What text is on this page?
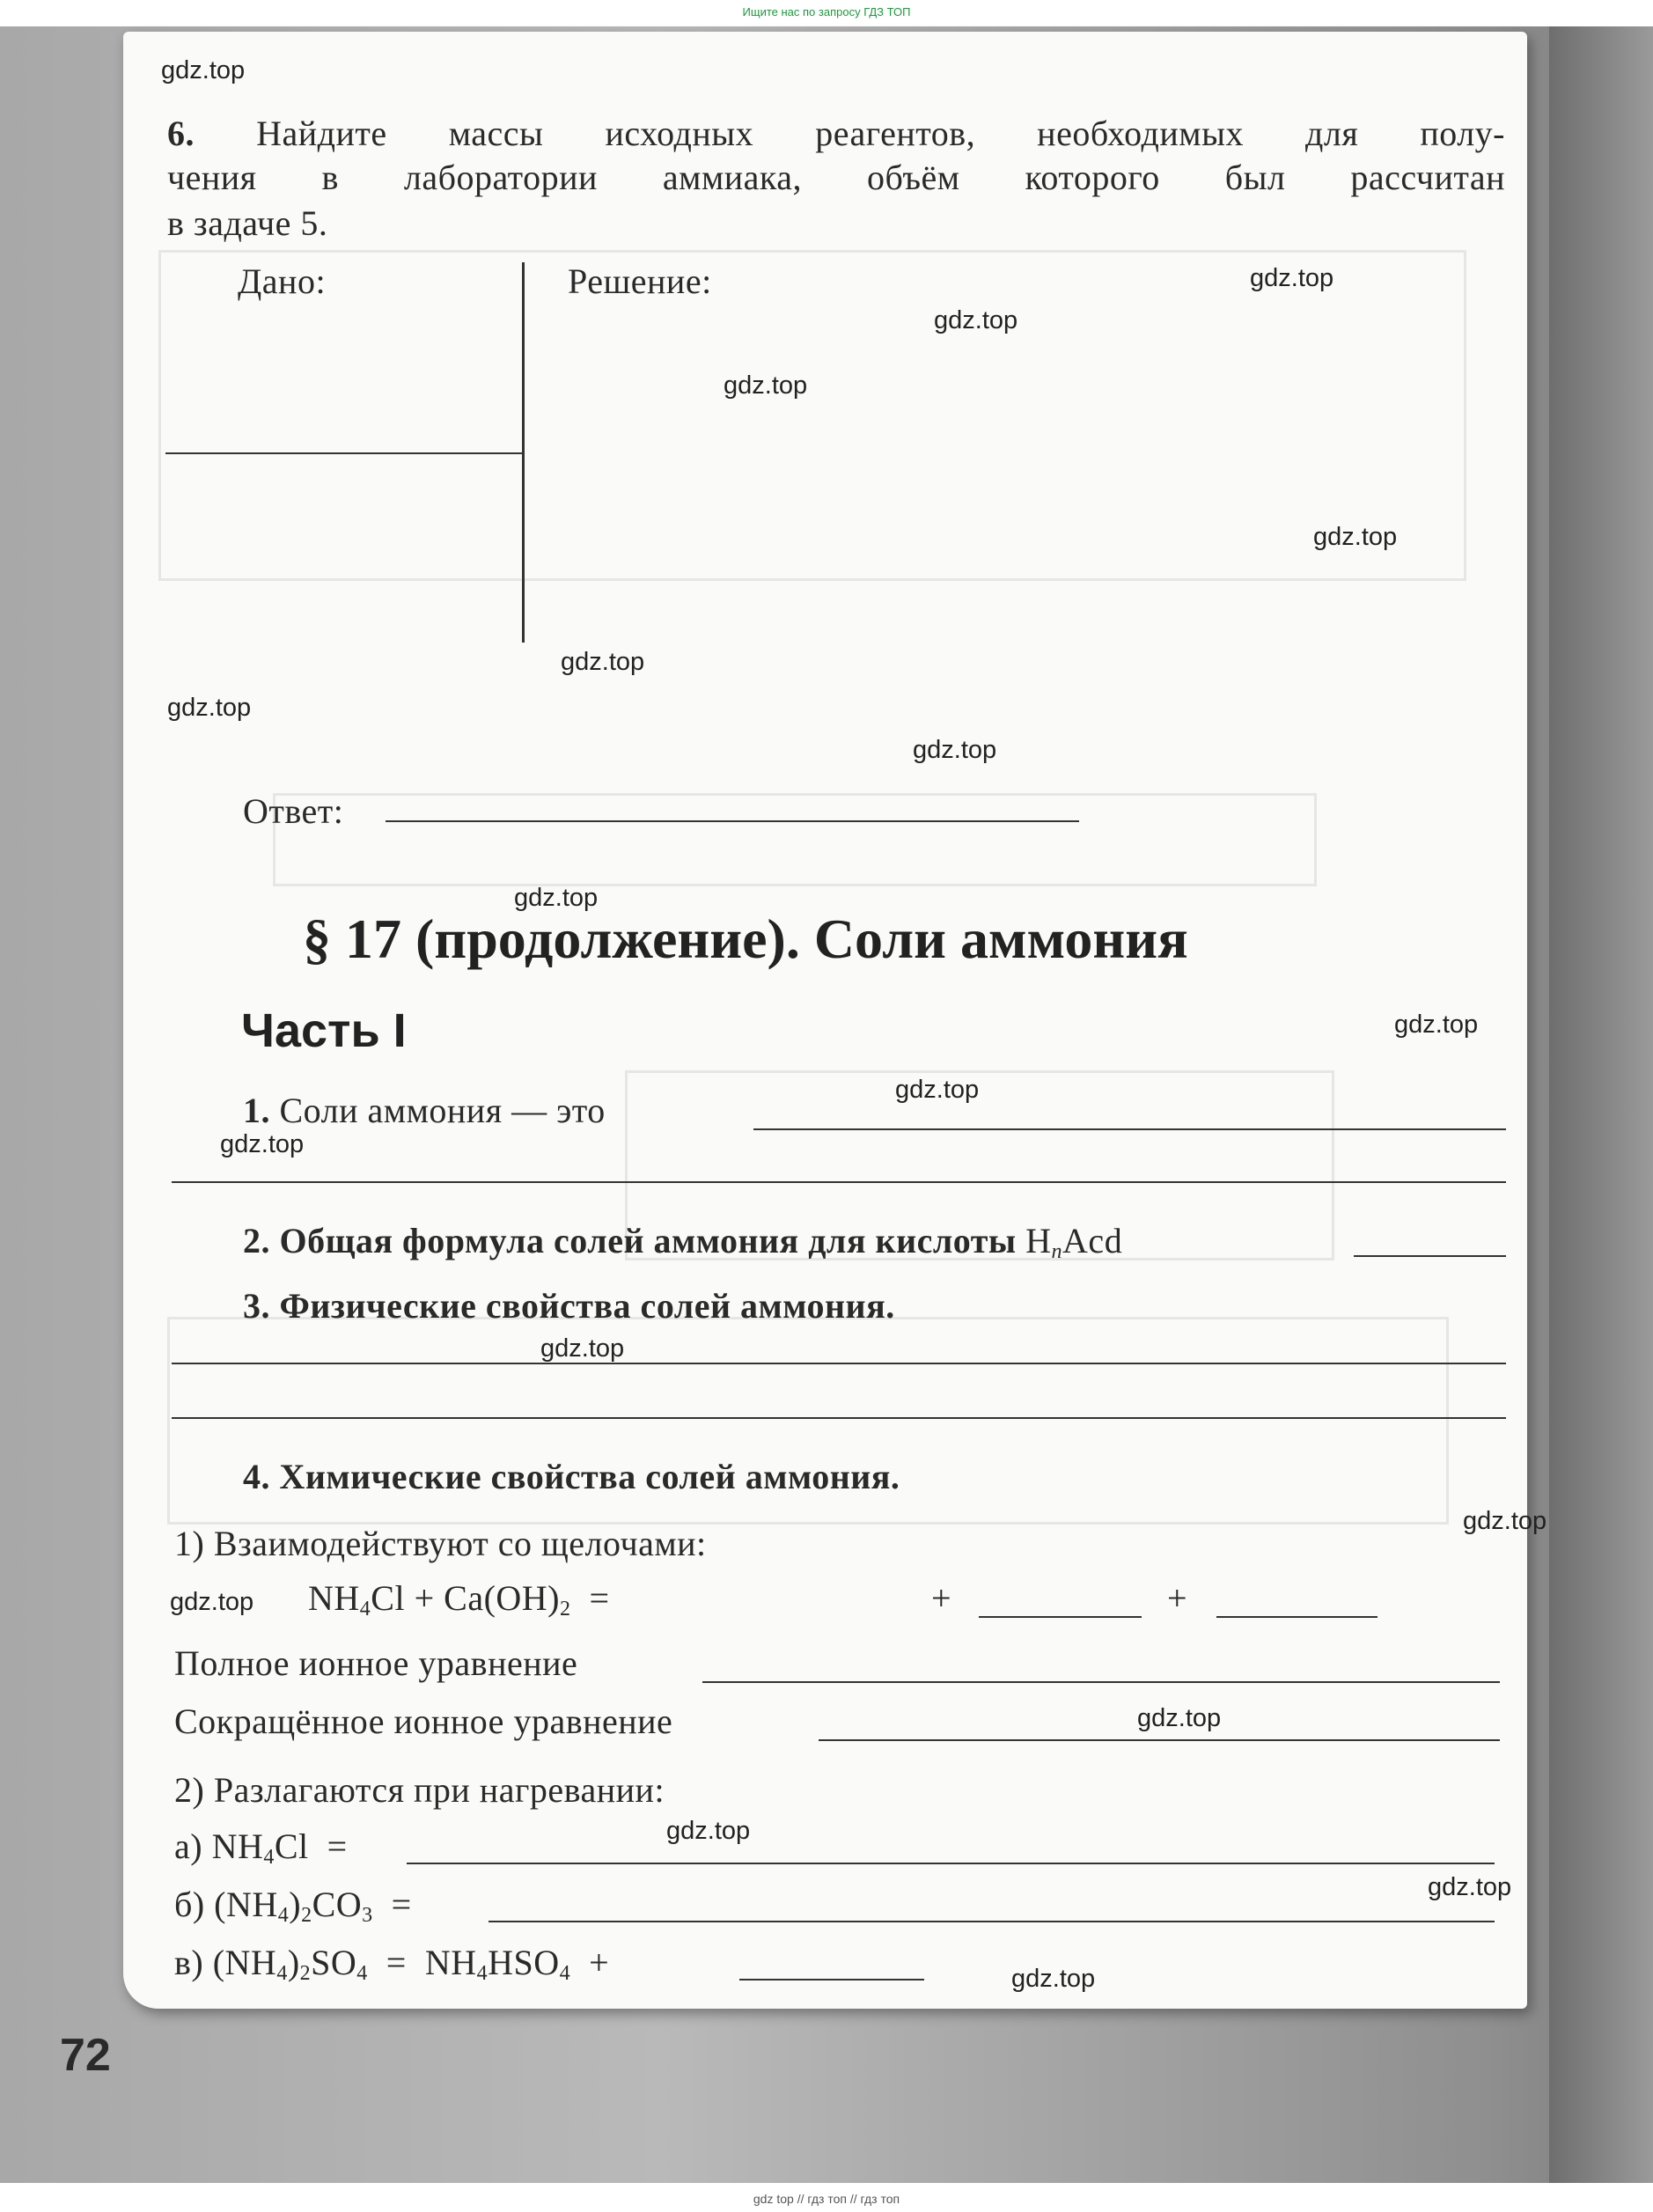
Ищите нас по запросу ГДЗ ТОП
6. Найдите массы исходных реагентов, необходимых для полу-
чения в лаборатории аммиака, объём которого был рассчитан
в задаче 5.
Дано:	Решение:
Ответ:
§ 17 (продолжение). Соли аммония
Часть I
1. Соли аммония — это
2. Общая формула солей аммония для кислоты $H_nAcd$
3. Физические свойства солей аммония.
4. Химические свойства солей аммония.
1) Взаимодействуют со щелочами:
$NH_4Cl + Ca(OH)_2$ =	+	+
Полное ионное уравнение
Сокращённое ионное уравнение
2) Разлагаются при нагревании:
а) $NH_4Cl$ =
б) $(NH_4)_2CO_3$ =
в) $(NH_4)_2SO_4 = NH_4HSO_4$ +
72
gdz.top
gdz.top
gdz.top
gdz.top
gdz.top
gdz.top
gdz.top
gdz.top
gdz.top
gdz.top
gdz.top
gdz.top
gdz.top
gdz.top
gdz.top
gdz.top
gdz.top
gdz.top
gdz.top
gdz top // гдз топ // гдз топ
